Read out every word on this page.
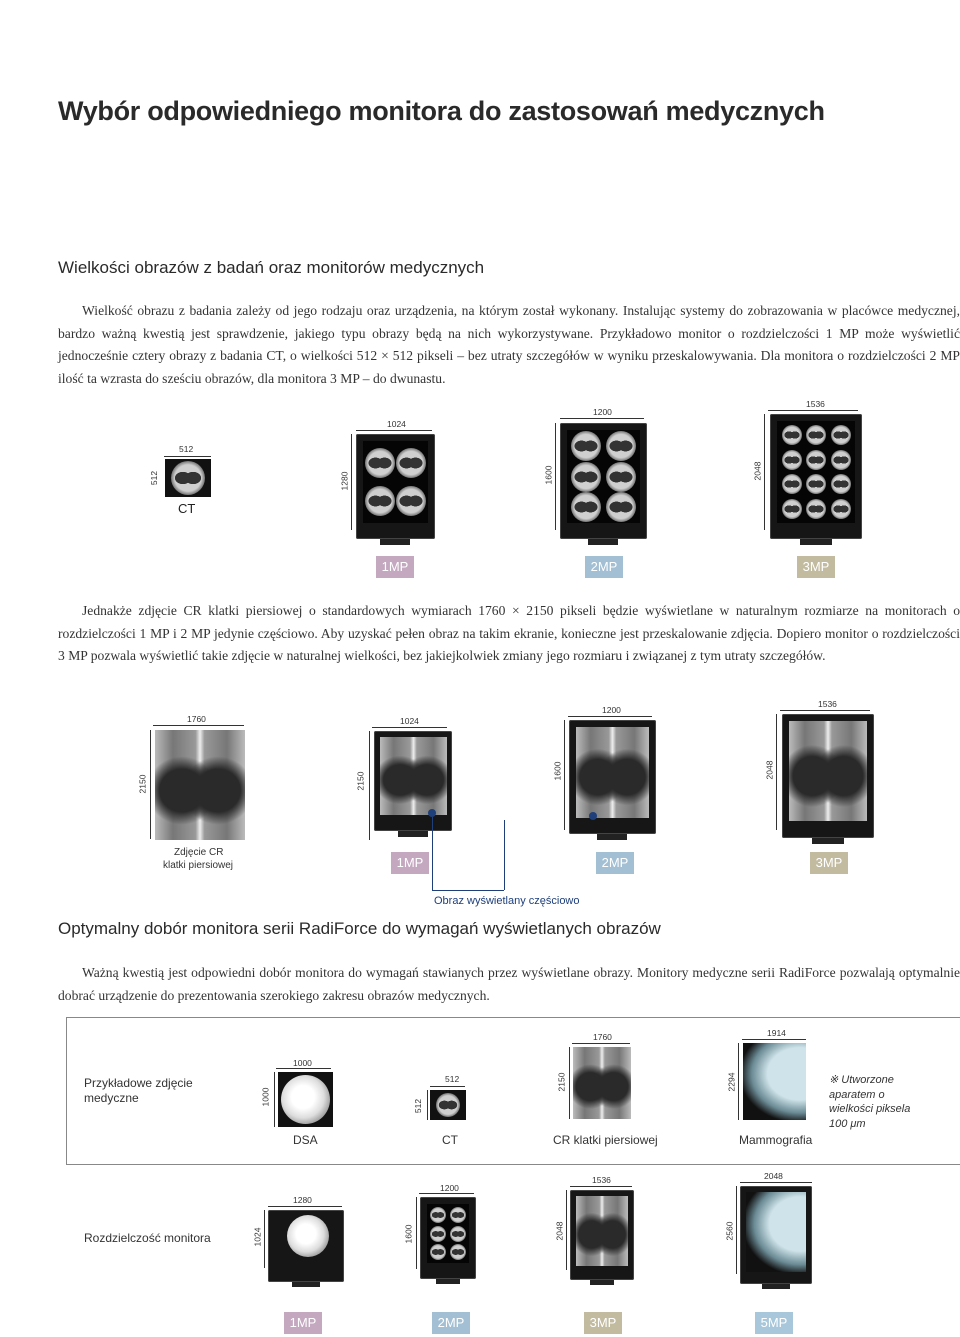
Wybór odpowiedniego monitora do zastosowań medycznych
Wielkości obrazów z badań oraz monitorów medycznych

Wielkość obrazu z badania zależy od jego rodzaju oraz urządzenia, na którym został wykonany. Instalując systemy do zobrazowania w placówce medycznej, bardzo ważną kwestią jest sprawdzenie, jakiego typu obrazy będą na nich wykorzystywane. Przykładowo monitor o rozdzielczości 1 MP może wyświetlić jednocześnie cztery obrazy z badania CT, o wielkości 512 × 512 pikseli – bez utraty szczegółów w wyniku przeskalowywania. Dla monitora o rozdzielczości 2 MP ilość ta wzrasta do sześciu obrazów, dla monitora 3 MP – do dwunastu.

512
512
CT
1024
1280
1200
1600
1536
2048
1MP	2MP	3MP

Jednakże zdjęcie CR klatki piersiowej o standardowych wymiarach 1760 × 2150 pikseli będzie wyświetlane w naturalnym rozmiarze na monitorach o rozdzielczości 1 MP i 2 MP jedynie częściowo. Aby uzyskać pełen obraz na takim ekranie, konieczne jest przeskalowanie zdjęcia. Dopiero monitor o rozdzielczości 3 MP pozwala wyświetlić takie zdjęcie w naturalnej wielkości, bez jakiejkolwiek zmiany jego rozmiaru i związanej z tym utraty szczegółów.

1760
2150
Zdjęcie CR
klatki piersiowej
1024
2150
1200
1600
1536
2048
1MP	2MP	3MP
Obraz wyświetlany częściowo
Optymalny dobór monitora serii RadiForce do wymagań wyświetlanych obrazów

Ważną kwestią jest odpowiedni dobór monitora do wymagań stawianych przez wyświetlane obrazy. Monitory medyczne serii RadiForce pozwalają optymalnie dobrać urządzenie do prezentowania szerokiego zakresu obrazów medycznych.

Przykładowe zdjęcie
medyczne
1000
1000
DSA
512
512
CT
1760
2150
CR klatki piersiowej
1914
2294
Mammografia
※ Utworzone aparatem o wielkości piksela 100 μm
Rozdzielczość monitora
1280
1024
1200
1600
1536
2048
2048
2560
1MP	2MP	3MP	5MP
